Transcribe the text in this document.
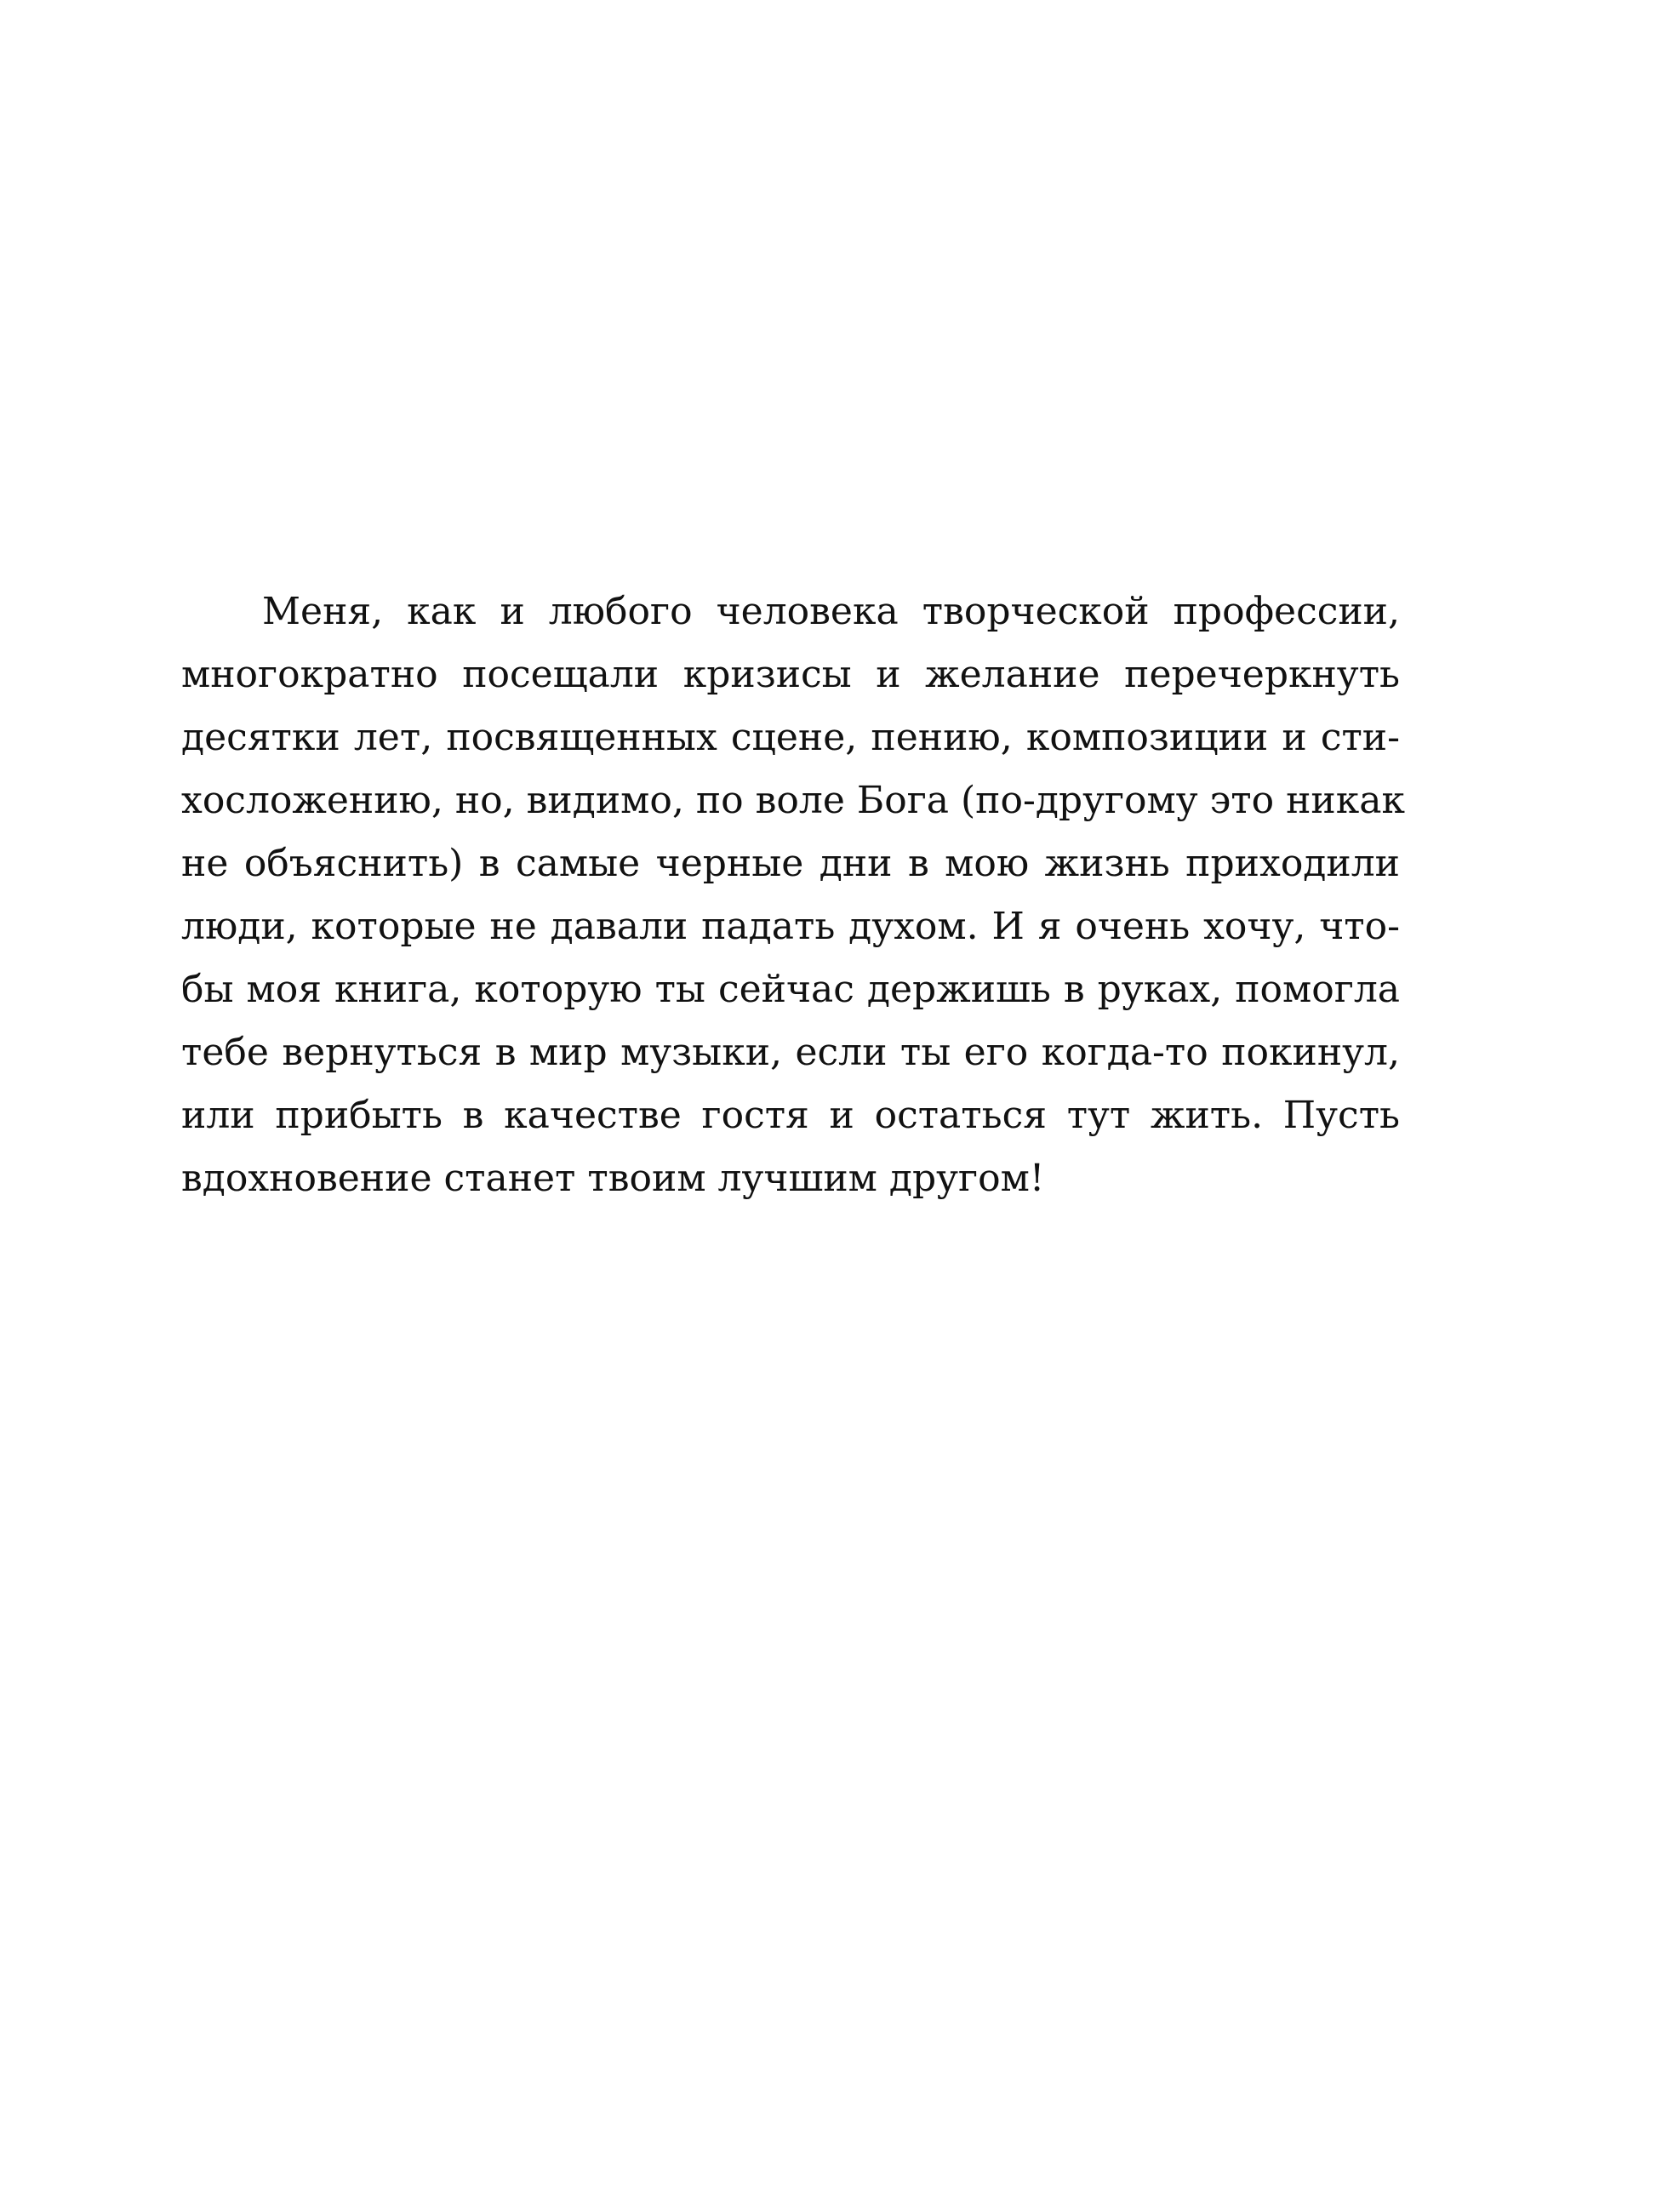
Меня, как и любого человека творческой профессии,
многократно посещали кризисы и желание перечеркнуть
десятки лет, посвященных сцене, пению, композиции и сти-
хосложению, но, видимо, по воле Бога (по-другому это никак
не объяснить) в самые черные дни в мою жизнь приходили
люди, которые не давали падать духом. И я очень хочу, что-
бы моя книга, которую ты сейчас держишь в руках, помогла
тебе вернуться в мир музыки, если ты его когда-то покинул,
или прибыть в качестве гостя и остаться тут жить. Пусть
вдохновение станет твоим лучшим другом!
